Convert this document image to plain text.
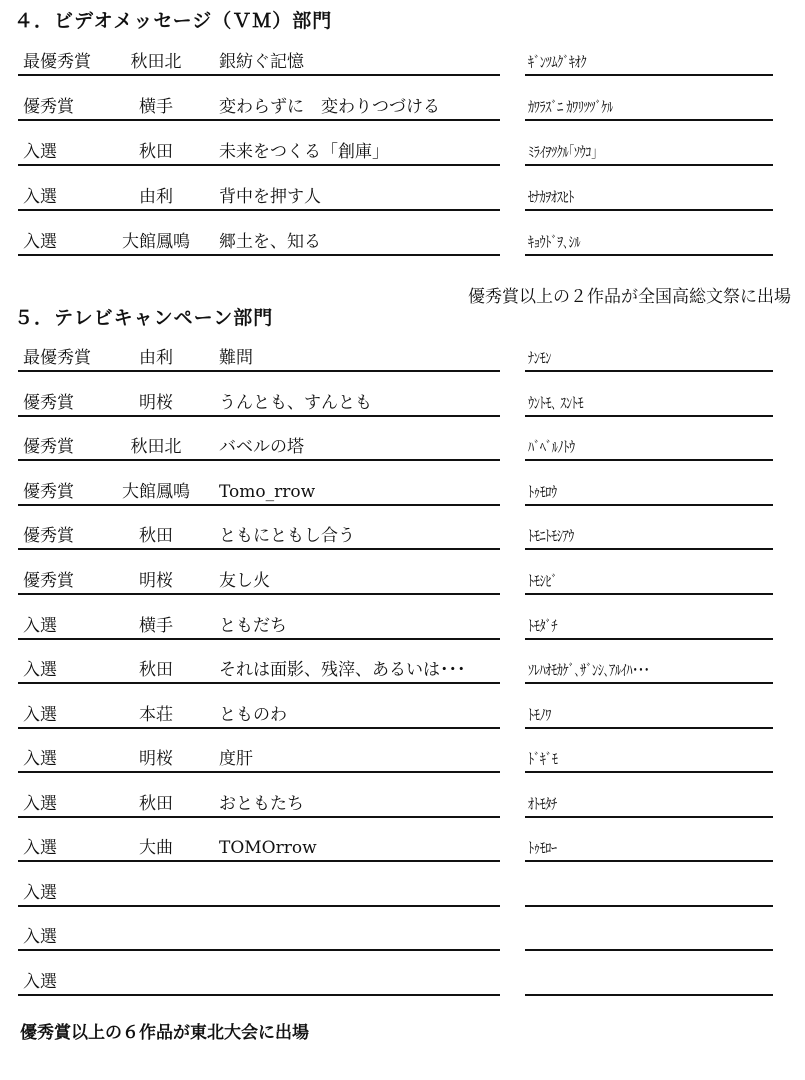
４．ビデオメッセージ（ＶＭ）部門
最優秀賞	秋田北	銀紡ぐ記憶	ｷﾞﾝﾂﾑｸﾞｷｵｸ
優秀賞	横手	変わらずに　変わりつづける	ｶﾜﾗｽﾞﾆ ｶﾜﾘﾂﾂﾞｹﾙ
入選	秋田	未来をつくる「創庫」	ﾐﾗｲｦﾂｸﾙ｢ｿｳｺ｣
入選	由利	背中を押す人	ｾﾅｶｦｵｽﾋﾄ
入選	大館鳳鳴	郷土を、知る	ｷｮｳﾄﾞｦ､ｼﾙ
優秀賞以上の２作品が全国高総文祭に出場
５．テレビキャンペーン部門
最優秀賞	由利	難問	ﾅﾝﾓﾝ
優秀賞	明桜	うんとも、すんとも	ｳﾝﾄﾓ､ ｽﾝﾄﾓ
優秀賞	秋田北	バベルの塔	ﾊﾞﾍﾞﾙﾉﾄｳ
優秀賞	大館鳳鳴	Tomo_rrow	ﾄｩﾓﾛｳ
優秀賞	秋田	ともにともし合う	ﾄﾓﾆﾄﾓｼｱｳ
優秀賞	明桜	友し火	ﾄﾓｼﾋﾞ
入選	横手	ともだち	ﾄﾓﾀﾞﾁ
入選	秋田	それは面影、残滓、あるいは･･･	ｿﾚﾊｵﾓｶｹﾞ､ｻﾞﾝｼ､ｱﾙｲﾊ･･･
入選	本荘	とものわ	ﾄﾓﾉﾜ
入選	明桜	度肝	ﾄﾞｷﾞﾓ
入選	秋田	おともたち	ｵﾄﾓﾀﾁ
入選	大曲	TOMOrrow	ﾄｩﾓﾛｰ
入選
入選
入選
優秀賞以上の６作品が東北大会に出場
